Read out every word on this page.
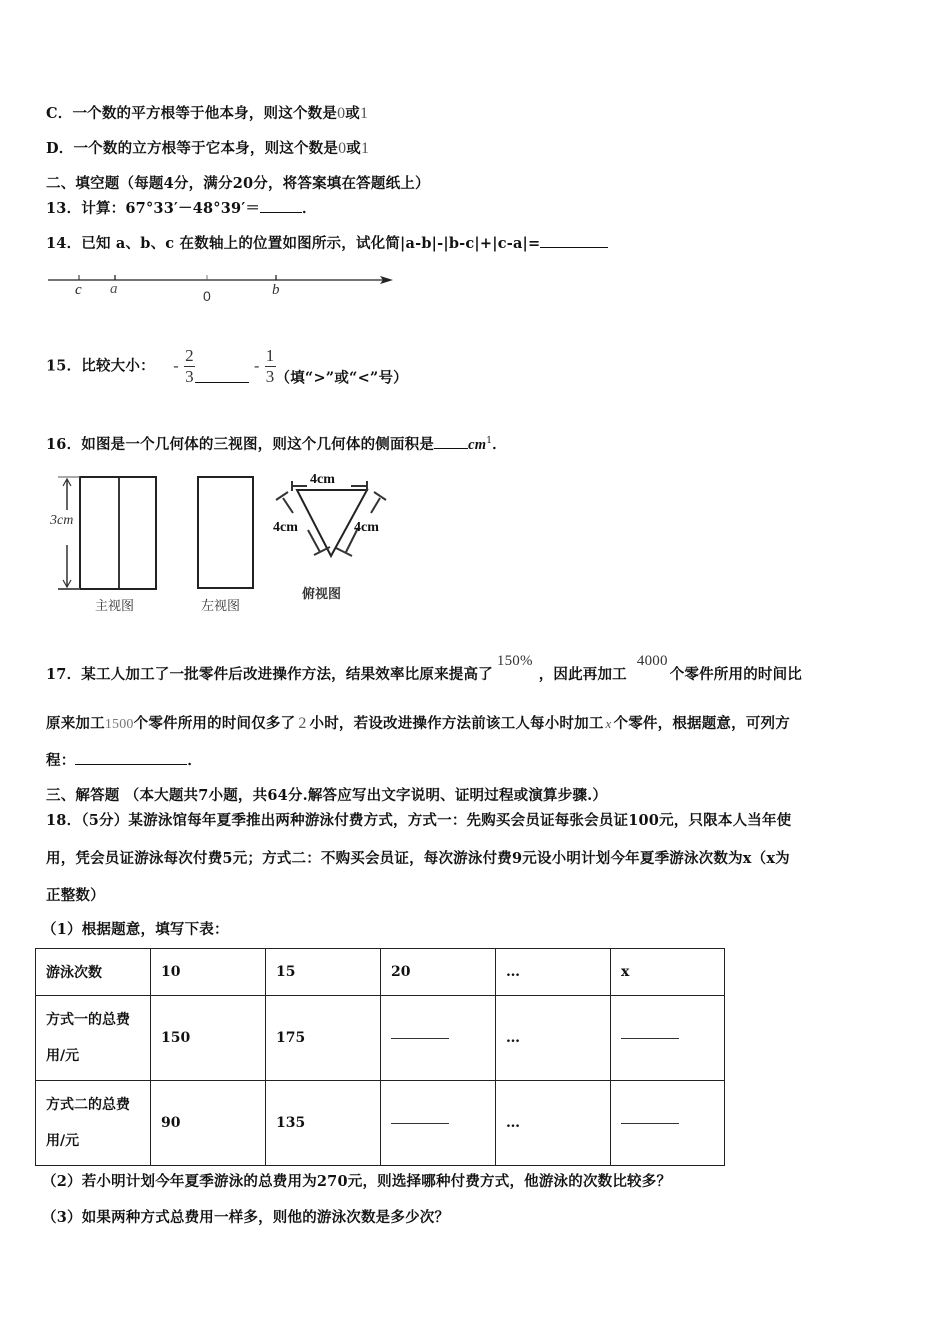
C．一个数的平方根等于他本身，则这个数是0或1
D．一个数的立方根等于它本身，则这个数是0或1
二、填空题（每题4分，满分20分，将答案填在答题纸上）
13．计算：67°33′－48°39′＝	．
14．已知 a、b、c 在数轴上的位置如图所示，试化简|a-b|-|b-c|+|c-a|=
c a	0	b
15．比较大小： - $\frac{2}{3}$	- $\frac{1}{3}$ （填“>”或“<”号）
16．如图是一个几何体的三视图，则这个几何体的侧面积是 $cm^1$．
3cm
主视图	左视图
4cm
4cm	4cm
俯视图
17．某工人加工了一批零件后改进操作方法，结果效率比原来提高了150%，因此再加工4000个零件所用的时间比
原来加工1500个零件所用的时间仅多了 2 小时，若设改进操作方法前该工人每小时加工 x 个零件，根据题意，可列方
程：	．
三、解答题 （本大题共7小题，共64分.解答应写出文字说明、证明过程或演算步骤.）
18．（5分）某游泳馆每年夏季推出两种游泳付费方式，方式一：先购买会员证每张会员证100元，只限本人当年使
用，凭会员证游泳每次付费5元；方式二：不购买会员证，每次游泳付费9元设小明计划今年夏季游泳次数为x（x为
正整数）
（1）根据题意，填写下表：
游泳次数	10	15	20	…	x

方式一的总费用/元	150	175		…	

方式二的总费用/元	90	135		…	
（2）若小明计划今年夏季游泳的总费用为270元，则选择哪种付费方式，他游泳的次数比较多？
（3）如果两种方式总费用一样多，则他的游泳次数是多少次？
